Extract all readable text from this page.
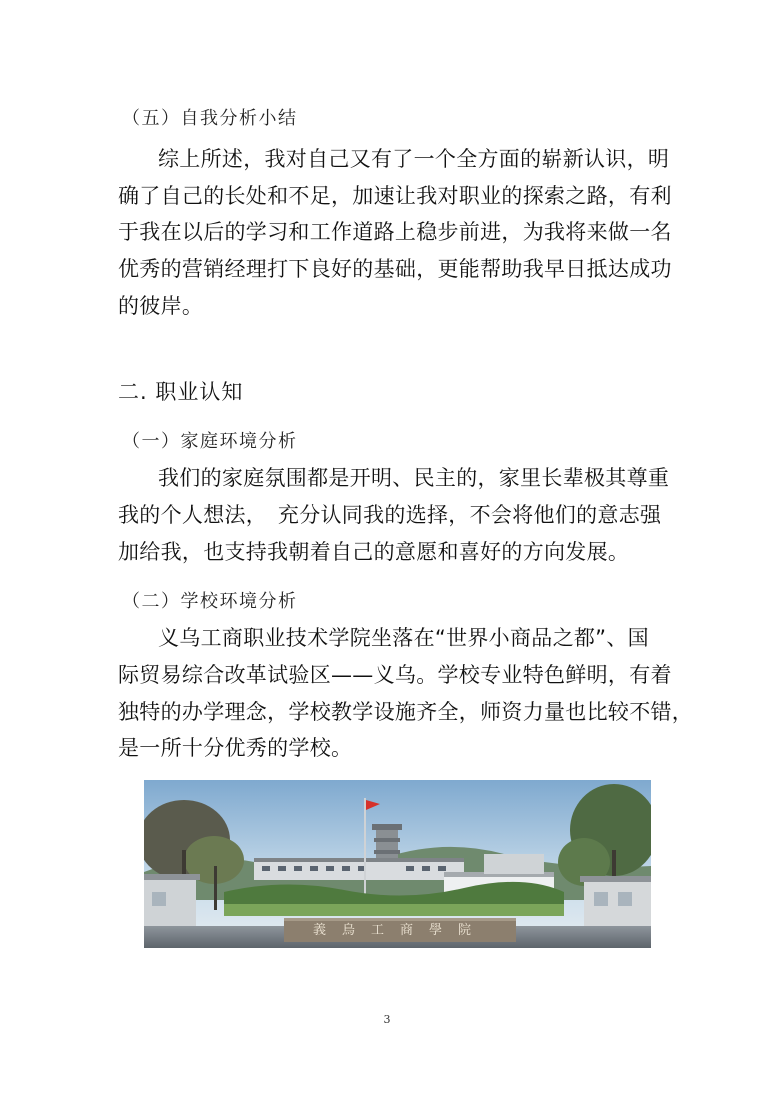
（五）自我分析小结
综上所述，我对自己又有了一个全方面的崭新认识，明
确了自己的长处和不足，加速让我对职业的探索之路，有利
于我在以后的学习和工作道路上稳步前进，为我将来做一名
优秀的营销经理打下良好的基础，更能帮助我早日抵达成功
的彼岸。
二. 职业认知
（一）家庭环境分析
我们的家庭氛围都是开明、民主的，家里长辈极其尊重
我的个人想法，　充分认同我的选择，不会将他们的意志强
加给我，也支持我朝着自己的意愿和喜好的方向发展。
（二）学校环境分析
义乌工商职业技术学院坐落在“世界小商品之都”、国
际贸易综合改革试验区——义乌。学校专业特色鲜明，有着
独特的办学理念，学校教学设施齐全，师资力量也比较不错，
是一所十分优秀的学校。
義烏工商學院
3
